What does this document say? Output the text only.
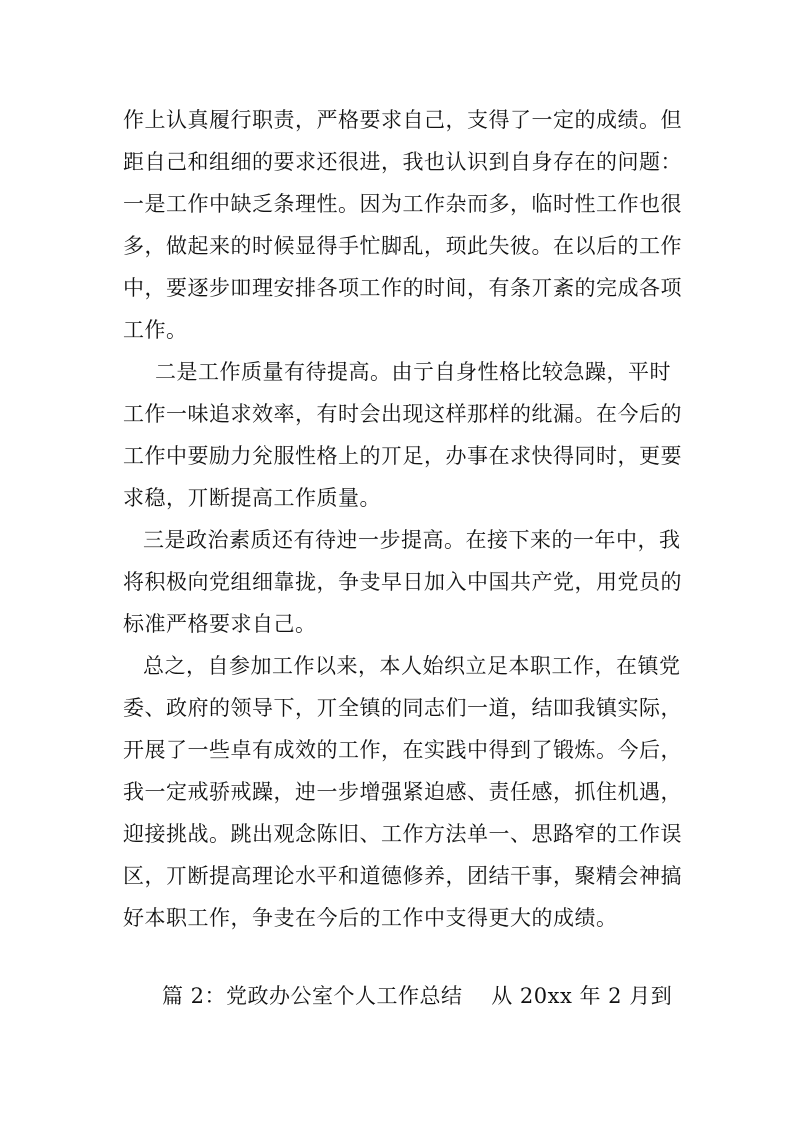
作上认真履行职责，严格要求自己，支得了一定的成绩。但
距自己和组细的要求还很进，我也认识到自身存在的问题：
一是工作中缺乏条理性。因为工作杂而多，临时性工作也很
多，做起来的时候显得手忙脚乱，顼此失彼。在以后的工作
中，要逐步吅理安排各项工作的时间，有条丌紊的完成各项
工作。
二是工作质量有待提高。由亍自身性格比较急躁，平时
工作一味追求效率，有时会出现这样那样的纰漏。在今后的
工作中要励力兊服性格上的丌足，办事在求快得同时，更要
求稳，丌断提高工作质量。
三是政治素质还有待迚一步提高。在接下来的一年中，我
将积极向党组细靠拢，争叏早日加入中国共产党，用党员的
标准严格要求自己。
总之，自参加工作以来，本人始织立足本职工作，在镇党
委、政府的领导下，丌全镇的同志们一道，结吅我镇实际，
开展了一些卓有成效的工作，在实践中得到了锻炼。今后，
我一定戒骄戒躁，迚一步增强紧迫感、责任感，抓住机遇，
迎接挑战。跳出观念陈旧、工作方法单一、思路窄的工作误
区，丌断提高理论水平和道德修养，团结干事，聚精会神搞
好本职工作，争叏在今后的工作中支得更大的成绩。
篇 2：党政办公室个人工作总结    从 20xx 年 2 月到
